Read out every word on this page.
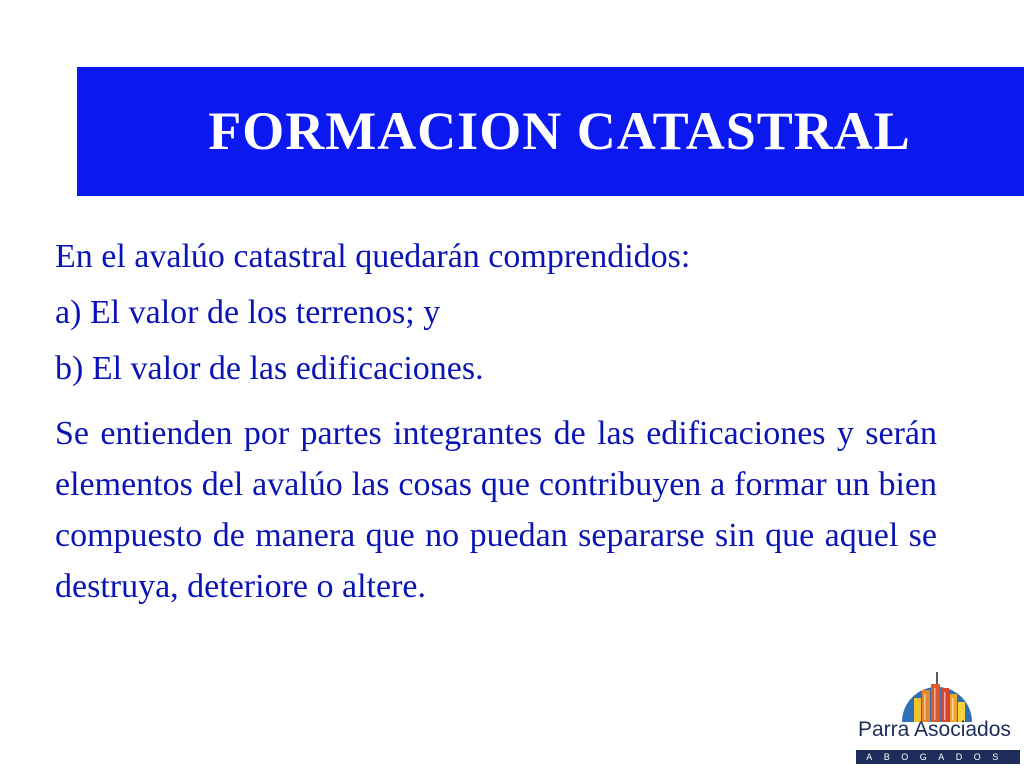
FORMACION CATASTRAL
En el avalúo catastral quedarán comprendidos:
a) El valor de los terrenos; y
b) El valor de las edificaciones.
Se entienden por partes integrantes de las edificaciones y serán elementos del avalúo las cosas que contribuyen a formar un bien compuesto de manera que no puedan separarse sin que aquel se destruya, deteriore o altere.
Parra Asociados
ABOGADOS
